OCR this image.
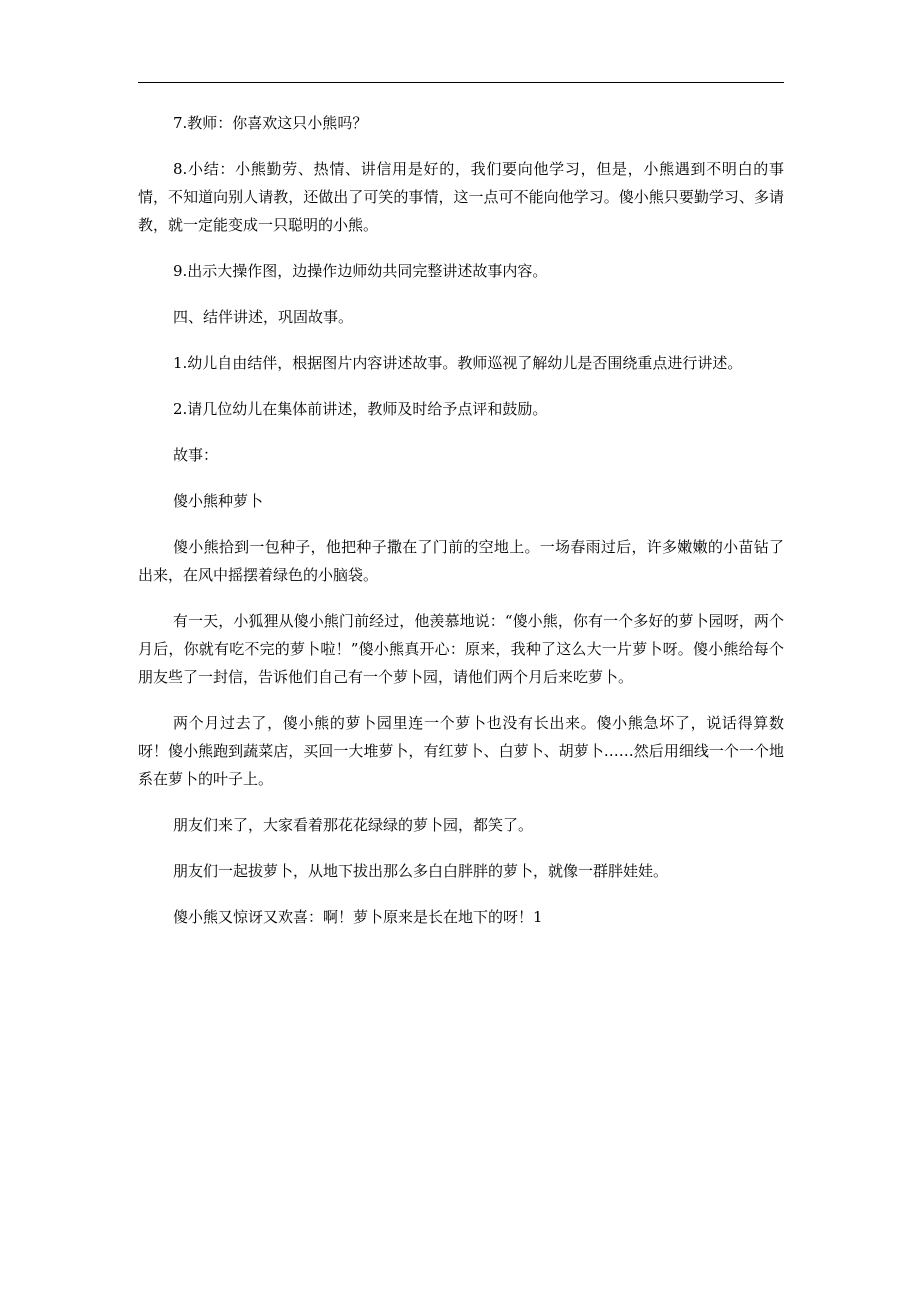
7.教师：你喜欢这只小熊吗？

8.小结：小熊勤劳、热情、讲信用是好的，我们要向他学习，但是，小熊遇到不明白的事情，不知道向别人请教，还做出了可笑的事情，这一点可不能向他学习。傻小熊只要勤学习、多请教，就一定能变成一只聪明的小熊。

9.出示大操作图，边操作边师幼共同完整讲述故事内容。

四、结伴讲述，巩固故事。

1.幼儿自由结伴，根据图片内容讲述故事。教师巡视了解幼儿是否围绕重点进行讲述。

2.请几位幼儿在集体前讲述，教师及时给予点评和鼓励。

故事：

傻小熊种萝卜

傻小熊拾到一包种子，他把种子撒在了门前的空地上。一场春雨过后，许多嫩嫩的小苗钻了出来，在风中摇摆着绿色的小脑袋。

有一天，小狐狸从傻小熊门前经过，他羡慕地说：“傻小熊，你有一个多好的萝卜园呀，两个月后，你就有吃不完的萝卜啦！”傻小熊真开心：原来，我种了这么大一片萝卜呀。傻小熊给每个朋友些了一封信，告诉他们自己有一个萝卜园，请他们两个月后来吃萝卜。

两个月过去了，傻小熊的萝卜园里连一个萝卜也没有长出来。傻小熊急坏了，说话得算数呀！傻小熊跑到蔬菜店，买回一大堆萝卜，有红萝卜、白萝卜、胡萝卜……然后用细线一个一个地系在萝卜的叶子上。

朋友们来了，大家看着那花花绿绿的萝卜园，都笑了。

朋友们一起拔萝卜，从地下拔出那么多白白胖胖的萝卜，就像一群胖娃娃。

傻小熊又惊讶又欢喜：啊！萝卜原来是长在地下的呀！1
